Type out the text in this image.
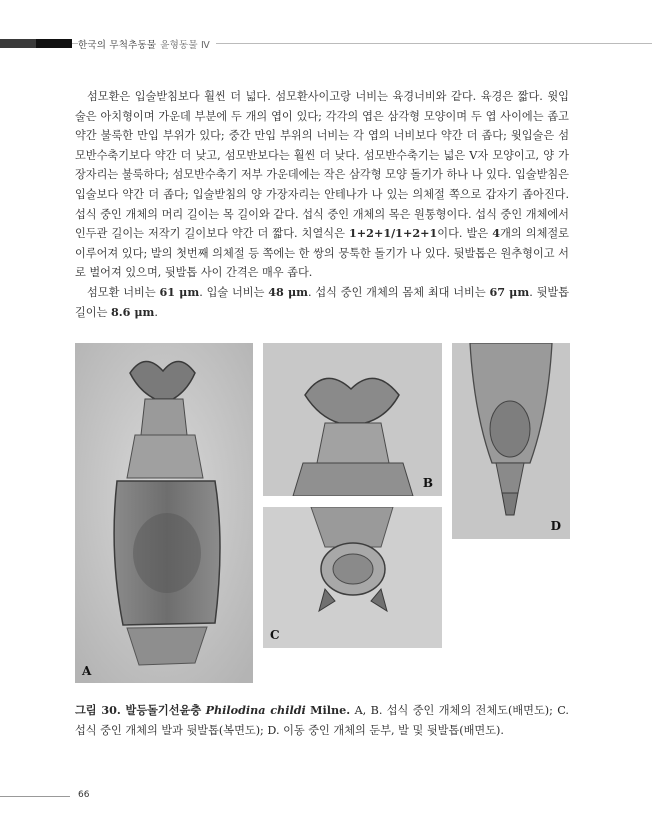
한국의 무척추동물 윤형동물 Ⅳ

섬모환은 입술받침보다 훨씬 더 넓다. 섬모환사이고랑 너비는 육경너비와 같다. 육경은 짧다. 윗입술은 아치형이며 가운데 부분에 두 개의 엽이 있다; 각각의 엽은 삼각형 모양이며 두 엽 사이에는 좁고 약간 불룩한 만입 부위가 있다; 중간 만입 부위의 너비는 각 엽의 너비보다 약간 더 좁다; 윗입술은 섬모반수축기보다 약간 더 낮고, 섬모반보다는 훨씬 더 낮다. 섬모반수축기는 넓은 V자 모양이고, 양 가장자리는 불룩하다; 섬모반수축기 저부 가운데에는 작은 삼각형 모양 돌기가 하나 나 있다. 입술받침은 입술보다 약간 더 좁다; 입술받침의 양 가장자리는 안테나가 나 있는 의체절 쪽으로 갑자기 좁아진다. 섭식 중인 개체의 머리 길이는 목 길이와 같다. 섭식 중인 개체의 목은 원통형이다. 섭식 중인 개체에서 인두관 길이는 저작기 길이보다 약간 더 짧다. 치열식은 1+2+1/1+2+1이다. 발은 4개의 의체절로 이루어져 있다; 발의 첫번째 의체절 등 쪽에는 한 쌍의 뭉툭한 돌기가 나 있다. 뒷발톱은 원추형이고 서로 벌어져 있으며, 뒷발톱 사이 간격은 매우 좁다.

섬모환 너비는 61 μm. 입술 너비는 48 μm. 섭식 중인 개체의 몸체 최대 너비는 67 μm. 뒷발톱 길이는 8.6 μm.

A
B
C
D
그림 30. 발등돌기선윤충 Philodina childi Milne. A, B. 섭식 중인 개체의 전체도(배면도); C. 섭식 중인 개체의 발과 뒷발톱(복면도); D. 이동 중인 개체의 둔부, 발 및 뒷발톱(배면도).
66
